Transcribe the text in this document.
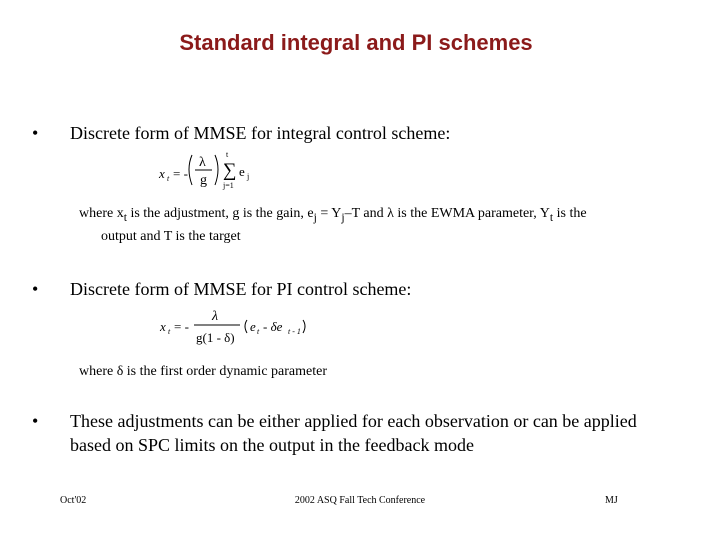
Standard integral and PI schemes
• Discrete form of MMSE for integral control scheme:
x t = -
λ
g
t
∑
j=1
e j
where $x_t$ is the adjustment, g is the gain, $e_j = Y_j-T$ and λ is the EWMA parameter, $Y_t$ is the
output and T is the target
• Discrete form of MMSE for PI control scheme:
x t = -
λ
g(1 - δ)
e t - δe t - 1
where δ is the first order dynamic parameter
• These adjustments can be either applied for each observation or can be applied based on SPC limits on the output in the feedback mode
Oct'02	2002 ASQ Fall Tech Conference	MJ
